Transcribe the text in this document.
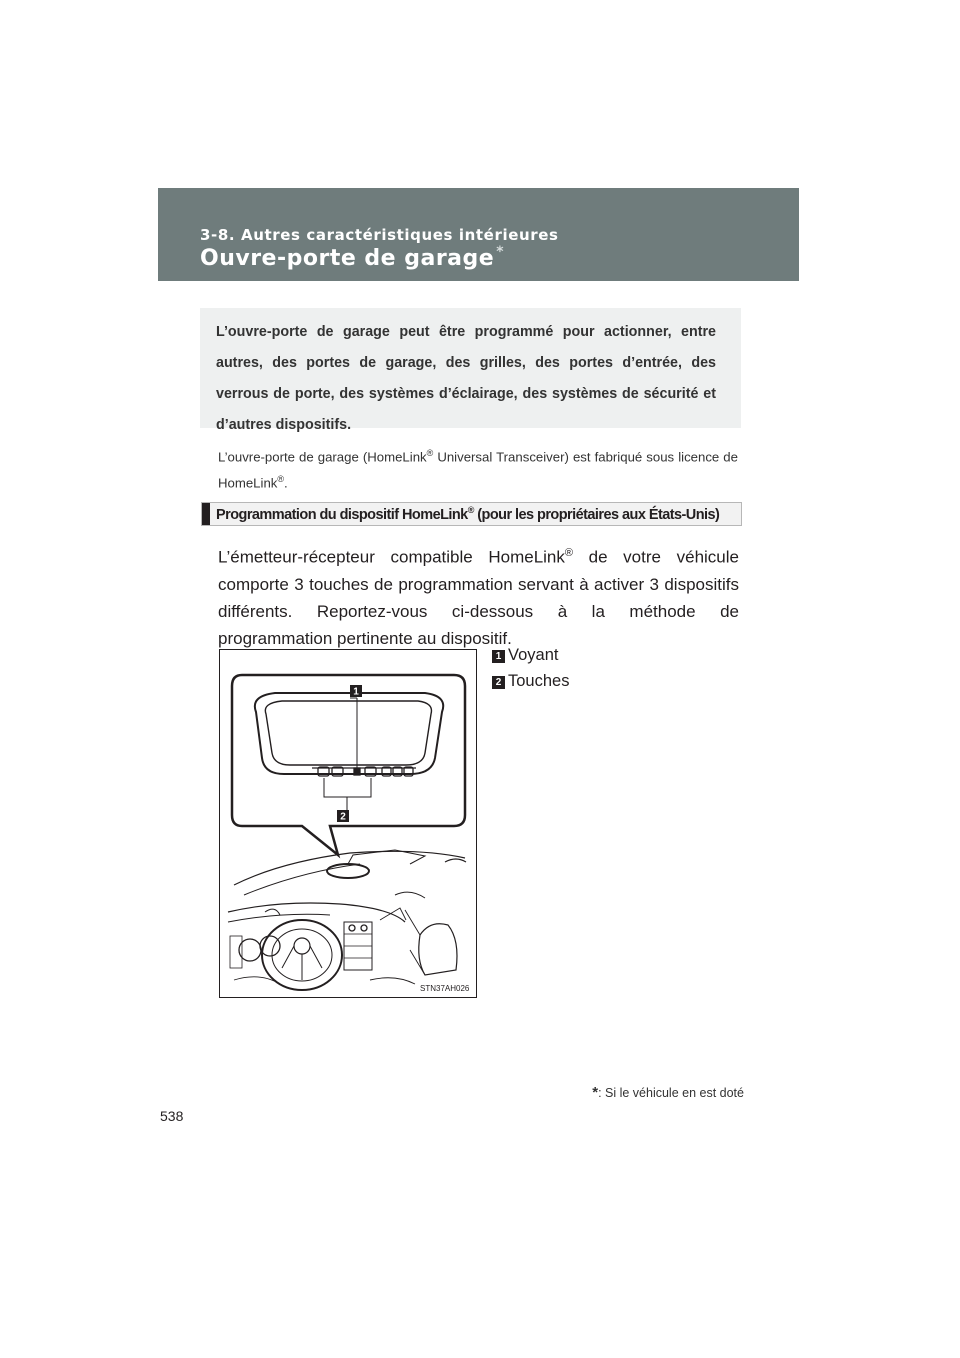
3-8. Autres caractéristiques intérieures
Ouvre-porte de garage *

L’ouvre-porte de garage peut être programmé pour actionner, entre autres, des portes de garage, des grilles, des portes d’entrée, des verrous de porte, des systèmes d’éclairage, des systèmes de sécurité et d’autres dispositifs.

L’ouvre-porte de garage (HomeLink® Universal Transceiver) est fabriqué sous licence de HomeLink®.
Programmation du dispositif HomeLink® (pour les propriétaires aux États-Unis)
L’émetteur-récepteur compatible HomeLink® de votre véhicule comporte 3 touches de programmation servant à activer 3 dispositifs différents. Reportez-vous ci-dessous à la méthode de programmation pertinente au dispositif.
1 Voyant
2 Touches
1
2
STN37AH026
*: Si le véhicule en est doté
538
